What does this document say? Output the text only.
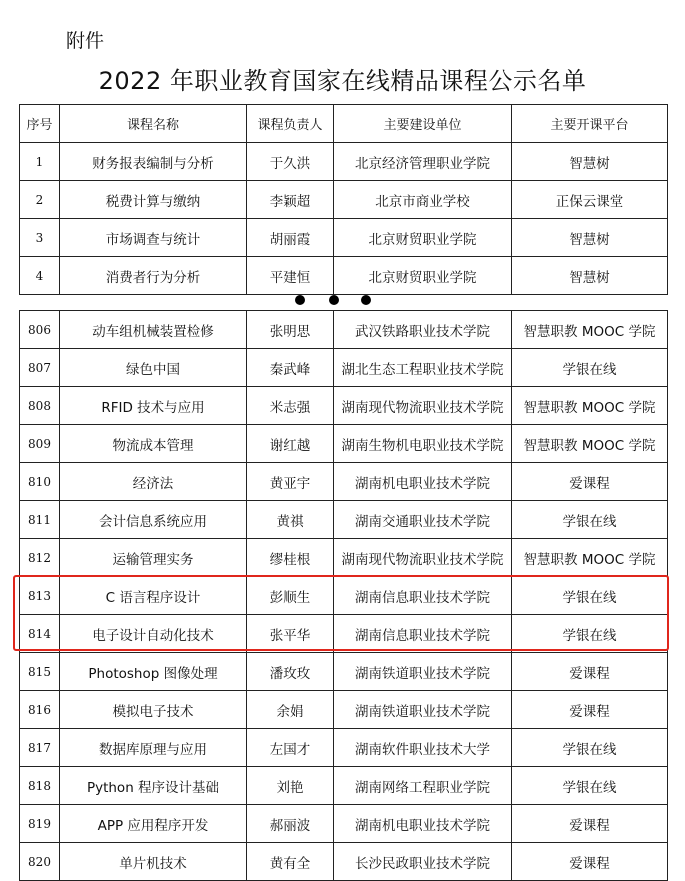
附件
2022 年职业教育国家在线精品课程公示名单
序号	课程名称	课程负责人	主要建设单位	主要开课平台
1	财务报表编制与分析	于久洪	北京经济管理职业学院	智慧树
2	税费计算与缴纳	李颖超	北京市商业学校	正保云课堂
3	市场调查与统计	胡丽霞	北京财贸职业学院	智慧树
4	消费者行为分析	平建恒	北京财贸职业学院	智慧树
806	动车组机械装置检修	张明思	武汉铁路职业技术学院	智慧职教 MOOC 学院
807	绿色中国	秦武峰	湖北生态工程职业技术学院	学银在线
808	RFID 技术与应用	米志强	湖南现代物流职业技术学院	智慧职教 MOOC 学院
809	物流成本管理	谢红越	湖南生物机电职业技术学院	智慧职教 MOOC 学院
810	经济法	黄亚宇	湖南机电职业技术学院	爱课程
811	会计信息系统应用	黄祺	湖南交通职业技术学院	学银在线
812	运输管理实务	缪桂根	湖南现代物流职业技术学院	智慧职教 MOOC 学院
813	C 语言程序设计	彭顺生	湖南信息职业技术学院	学银在线
814	电子设计自动化技术	张平华	湖南信息职业技术学院	学银在线
815	Photoshop 图像处理	潘玫玫	湖南铁道职业技术学院	爱课程
816	模拟电子技术	余娟	湖南铁道职业技术学院	爱课程
817	数据库原理与应用	左国才	湖南软件职业技术大学	学银在线
818	Python 程序设计基础	刘艳	湖南网络工程职业学院	学银在线
819	APP 应用程序开发	郝丽波	湖南机电职业技术学院	爱课程
820	单片机技术	黄有全	长沙民政职业技术学院	爱课程
